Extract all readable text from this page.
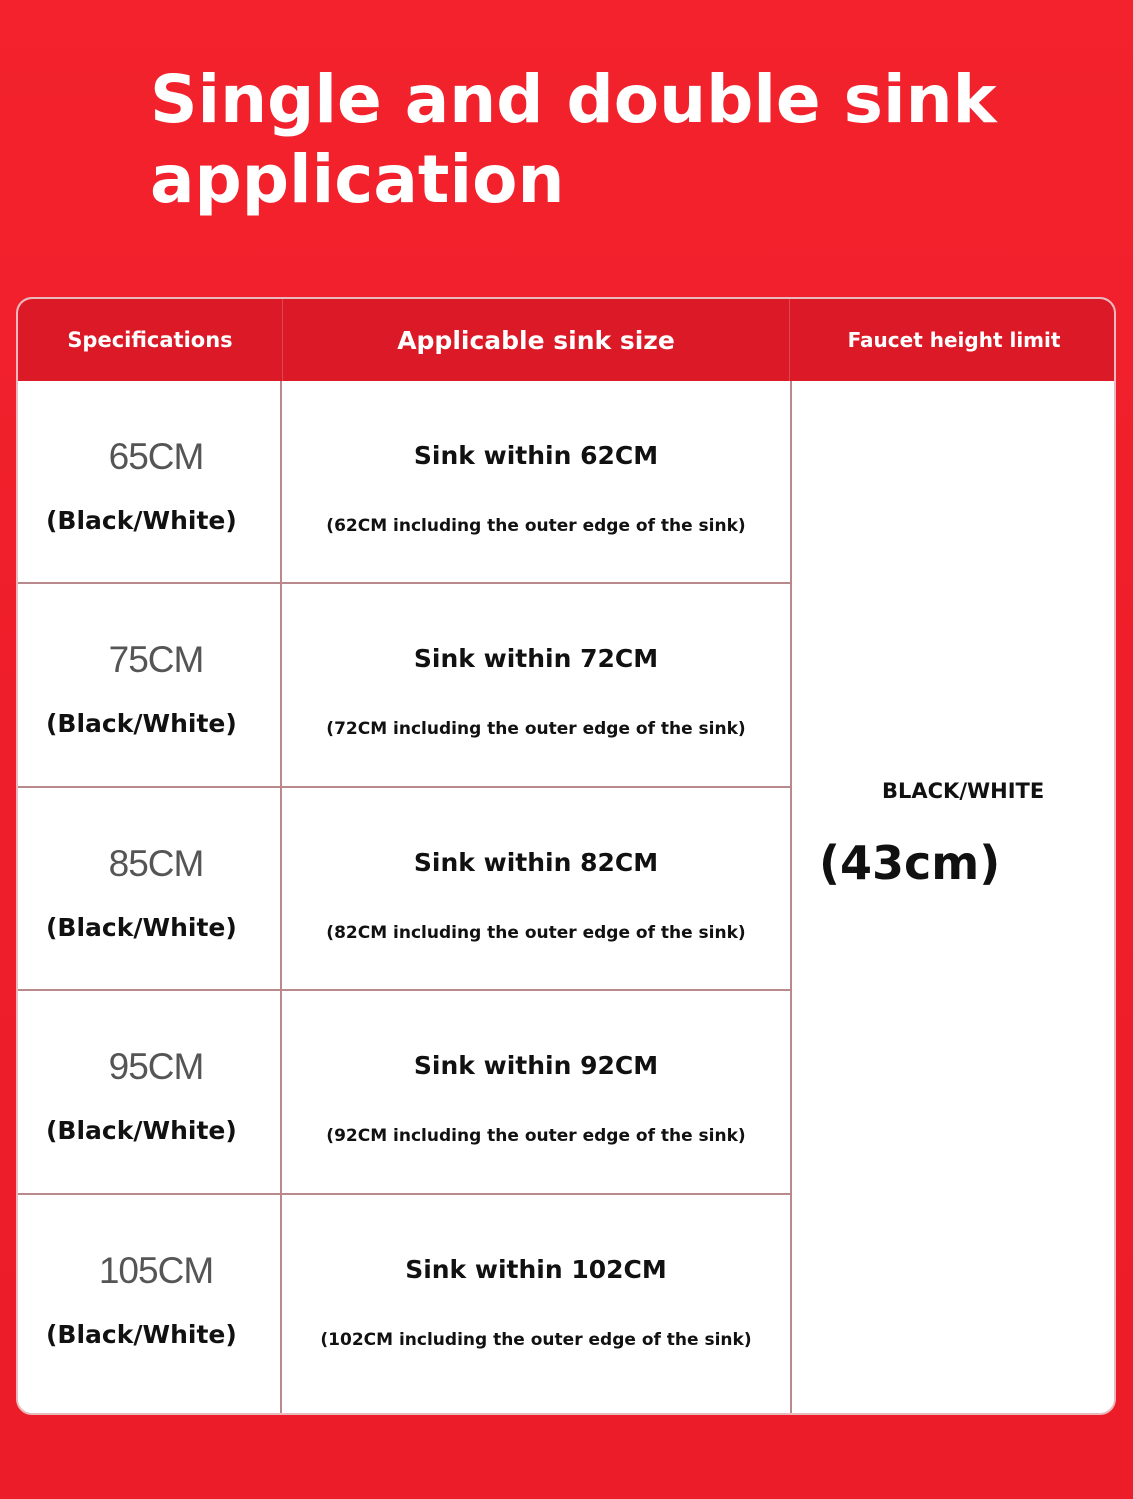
Single and double sink application
Specifications	Applicable sink size	Faucet height limit
65CM
(Black/White)
Sink within 62CM
(62CM including the outer edge of the sink)
75CM
(Black/White)
Sink within 72CM
(72CM including the outer edge of the sink)
85CM
(Black/White)
Sink within 82CM
(82CM including the outer edge of the sink)
95CM
(Black/White)
Sink within 92CM
(92CM including the outer edge of the sink)
105CM
(Black/White)
Sink within 102CM
(102CM including the outer edge of the sink)
BLACK/WHITE
(43cm)
